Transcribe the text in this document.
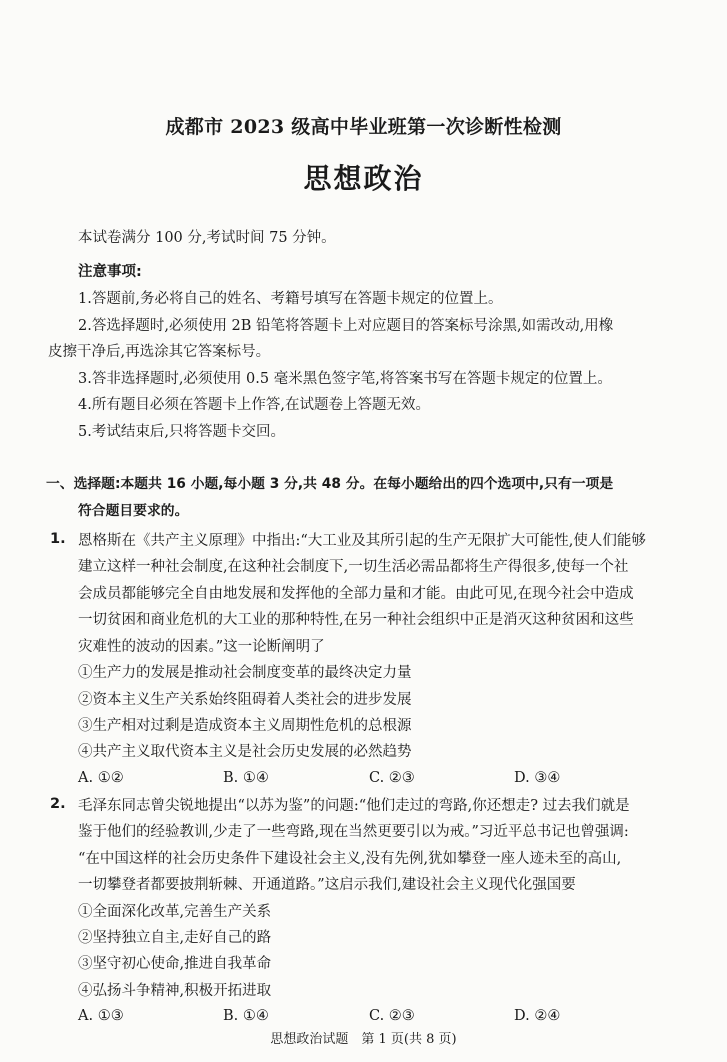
成都市 2023 级高中毕业班第一次诊断性检测
思想政治
本试卷满分 100 分,考试时间 75 分钟。
注意事项:
1.答题前,务必将自己的姓名、考籍号填写在答题卡规定的位置上。
2.答选择题时,必须使用 2B 铅笔将答题卡上对应题目的答案标号涂黑,如需改动,用橡
皮擦干净后,再选涂其它答案标号。
3.答非选择题时,必须使用 0.5 毫米黑色签字笔,将答案书写在答题卡规定的位置上。
4.所有题目必须在答题卡上作答,在试题卷上答题无效。
5.考试结束后,只将答题卡交回。
一、选择题:本题共 16 小题,每小题 3 分,共 48 分。在每小题给出的四个选项中,只有一项是
符合题目要求的。
1. 恩格斯在《共产主义原理》中指出:“大工业及其所引起的生产无限扩大可能性,使人们能够
建立这样一种社会制度,在这种社会制度下,一切生活必需品都将生产得很多,使每一个社
会成员都能够完全自由地发展和发挥他的全部力量和才能。由此可见,在现今社会中造成
一切贫困和商业危机的大工业的那种特性,在另一种社会组织中正是消灭这种贫困和这些
灾难性的波动的因素。”这一论断阐明了
①生产力的发展是推动社会制度变革的最终决定力量
②资本主义生产关系始终阻碍着人类社会的进步发展
③生产相对过剩是造成资本主义周期性危机的总根源
④共产主义取代资本主义是社会历史发展的必然趋势
A. ①②	B. ①④	C. ②③	D. ③④
2. 毛泽东同志曾尖锐地提出“以苏为鉴”的问题:“他们走过的弯路,你还想走? 过去我们就是
鉴于他们的经验教训,少走了一些弯路,现在当然更要引以为戒。”习近平总书记也曾强调:
“在中国这样的社会历史条件下建设社会主义,没有先例,犹如攀登一座人迹未至的高山,
一切攀登者都要披荆斩棘、开通道路。”这启示我们,建设社会主义现代化强国要
①全面深化改革,完善生产关系
②坚持独立自主,走好自己的路
③坚守初心使命,推进自我革命
④弘扬斗争精神,积极开拓进取
A. ①③	B. ①④	C. ②③	D. ②④
思想政治试题　第 1 页(共 8 页)
